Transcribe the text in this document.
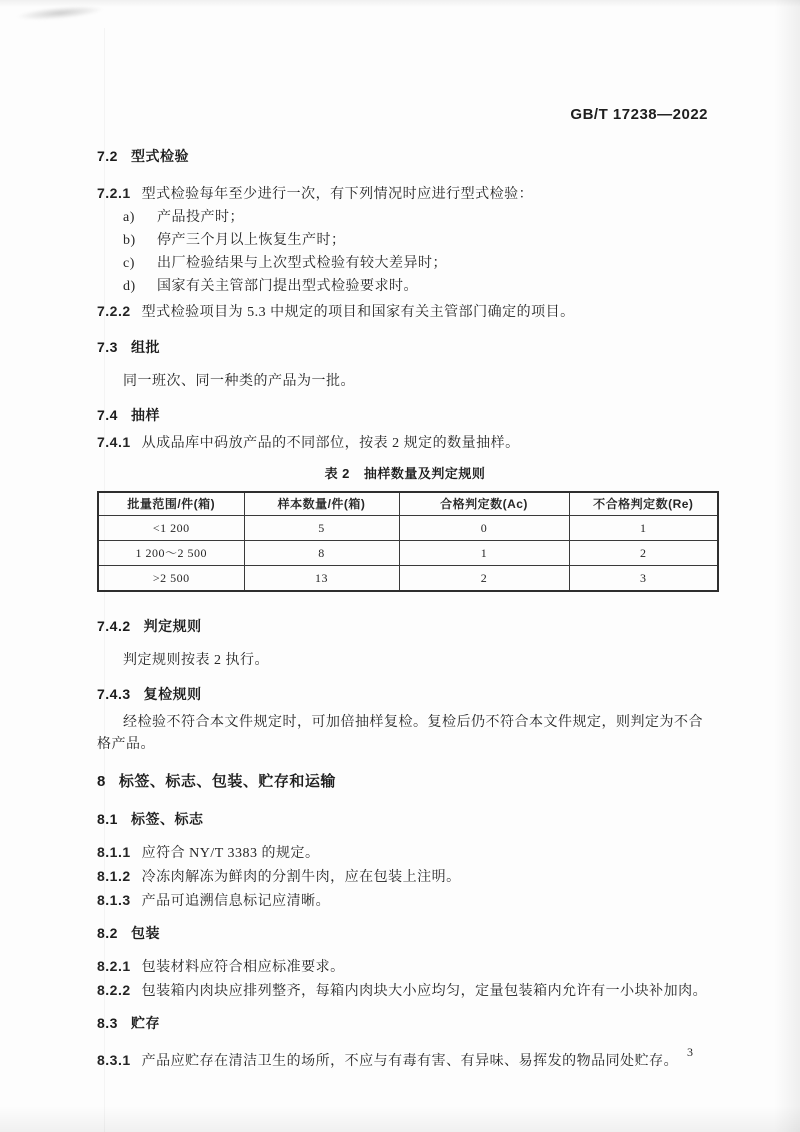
GB/T 17238—2022
7.2 型式检验

7.2.1 型式检验每年至少进行一次，有下列情况时应进行型式检验：

a) 产品投产时；
b) 停产三个月以上恢复生产时；
c) 出厂检验结果与上次型式检验有较大差异时；
d) 国家有关主管部门提出型式检验要求时。

7.2.2 型式检验项目为 5.3 中规定的项目和国家有关主管部门确定的项目。

7.3 组批

同一班次、同一种类的产品为一批。

7.4 抽样

7.4.1 从成品库中码放产品的不同部位，按表 2 规定的数量抽样。

表 2 抽样数量及判定规则
批量范围/件(箱)	样本数量/件(箱)	合格判定数(Ac)	不合格判定数(Re)
<1 200	5	0	1
1 200～2 500	8	1	2
>2 500	13	2	3
7.4.2 判定规则

判定规则按表 2 执行。

7.4.3 复检规则

经检验不符合本文件规定时，可加倍抽样复检。复检后仍不符合本文件规定，则判定为不合格产品。

8 标签、标志、包装、贮存和运输
8.1 标签、标志

8.1.1 应符合 NY/T 3383 的规定。

8.1.2 冷冻肉解冻为鲜肉的分割牛肉，应在包装上注明。

8.1.3 产品可追溯信息标记应清晰。

8.2 包装

8.2.1 包装材料应符合相应标准要求。

8.2.2 包装箱内肉块应排列整齐，每箱内肉块大小应均匀，定量包装箱内允许有一小块补加肉。

8.3 贮存

8.3.1 产品应贮存在清洁卫生的场所，不应与有毒有害、有异味、易挥发的物品同处贮存。

3
